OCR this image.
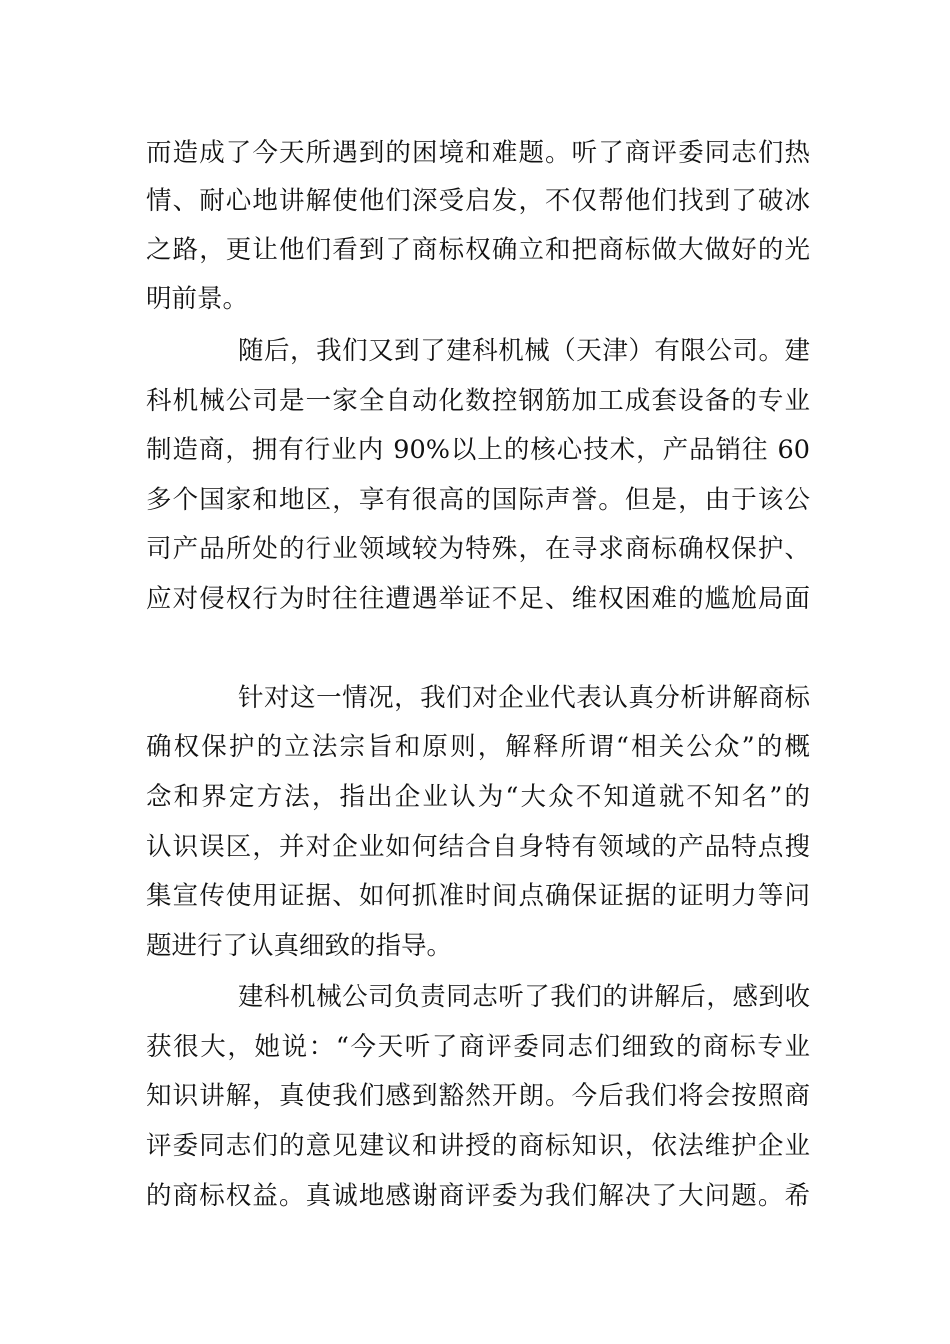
而造成了今天所遇到的困境和难题。听了商评委同志们热
情、耐心地讲解使他们深受启发，不仅帮他们找到了破冰
之路，更让他们看到了商标权确立和把商标做大做好的光
明前景。
随后，我们又到了建科机械（天津）有限公司。建
科机械公司是一家全自动化数控钢筋加工成套设备的专业
制造商，拥有行业内 90%以上的核心技术，产品销往 60
多个国家和地区，享有很高的国际声誉。但是，由于该公
司产品所处的行业领域较为特殊，在寻求商标确权保护、
应对侵权行为时往往遭遇举证不足、维权困难的尴尬局面
针对这一情况，我们对企业代表认真分析讲解商标
确权保护的立法宗旨和原则，解释所谓“相关公众”的概
念和界定方法，指出企业认为“大众不知道就不知名”的
认识误区，并对企业如何结合自身特有领域的产品特点搜
集宣传使用证据、如何抓准时间点确保证据的证明力等问
题进行了认真细致的指导。
建科机械公司负责同志听了我们的讲解后，感到收
获很大，她说：“今天听了商评委同志们细致的商标专业
知识讲解，真使我们感到豁然开朗。今后我们将会按照商
评委同志们的意见建议和讲授的商标知识，依法维护企业
的商标权益。真诚地感谢商评委为我们解决了大问题。希
